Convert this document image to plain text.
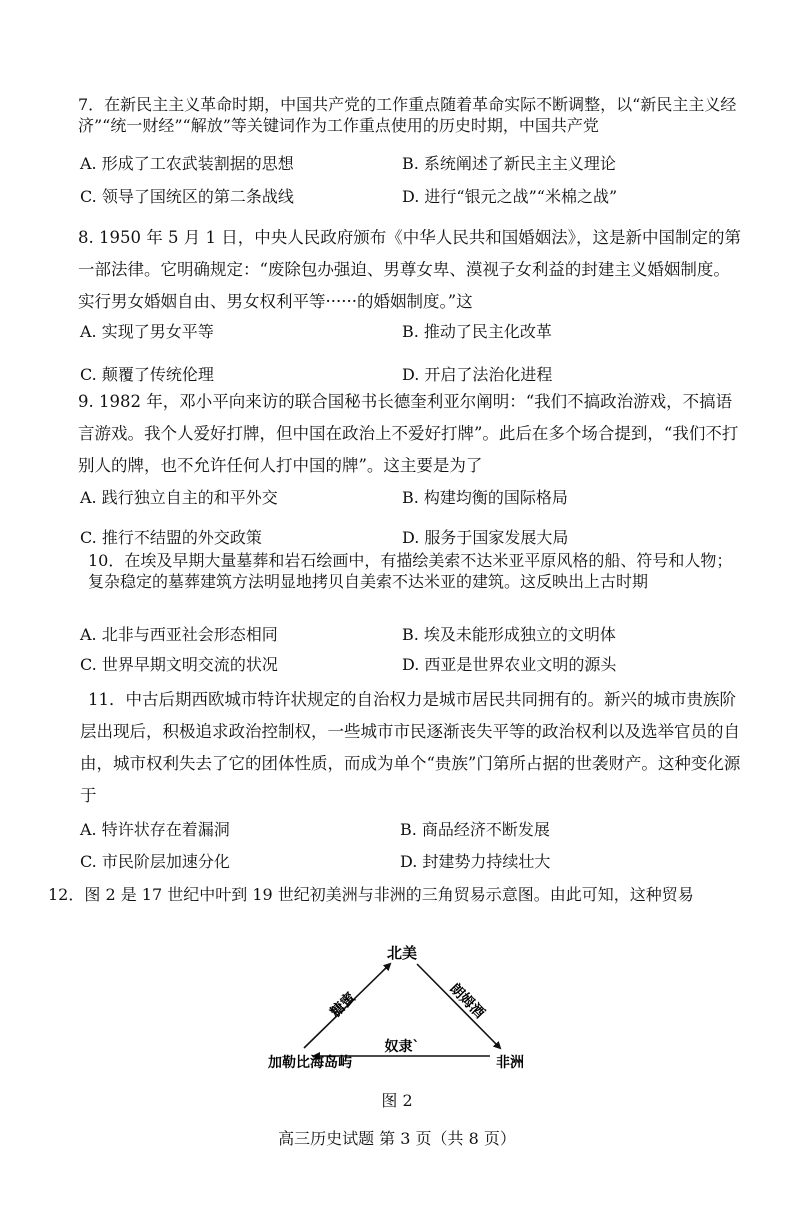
7．在新民主主义革命时期，中国共产党的工作重点随着革命实际不断调整，以“新民主主义经济”“统一财经”“解放”等关键词作为工作重点使用的历史时期，中国共产党

A. 形成了工农武装割据的思想	B. 系统阐述了新民主主义理论
C. 领导了国统区的第二条战线	D. 进行“银元之战”“米棉之战”

8. 1950 年 5 月 1 日，中央人民政府颁布《中华人民共和国婚姻法》，这是新中国制定的第一部法律。它明确规定：“废除包办强迫、男尊女卑、漠视子女利益的封建主义婚姻制度。实行男女婚姻自由、男女权利平等······的婚姻制度。”这

A. 实现了男女平等	B. 推动了民主化改革
C. 颠覆了传统伦理	D. 开启了法治化进程

9. 1982 年，邓小平向来访的联合国秘书长德奎利亚尔阐明：“我们不搞政治游戏，不搞语言游戏。我个人爱好打牌，但中国在政治上不爱好打牌”。此后在多个场合提到，“我们不打别人的牌，也不允许任何人打中国的牌”。这主要是为了

A. 践行独立自主的和平外交	B. 构建均衡的国际格局
C. 推行不结盟的外交政策	D. 服务于国家发展大局

10．在埃及早期大量墓葬和岩石绘画中，有描绘美索不达米亚平原风格的船、符号和人物；复杂稳定的墓葬建筑方法明显地拷贝自美索不达米亚的建筑。这反映出上古时期

A. 北非与西亚社会形态相同	B. 埃及未能形成独立的文明体
C. 世界早期文明交流的状况	D. 西亚是世界农业文明的源头

11．中古后期西欧城市特许状规定的自治权力是城市居民共同拥有的。新兴的城市贵族阶层出现后，积极追求政治控制权，一些城市市民逐渐丧失平等的政治权利以及选举官员的自由，城市权利失去了它的团体性质，而成为单个“贵族”门第所占据的世袭财产。这种变化源于

A. 特许状存在着漏洞	B. 商品经济不断发展
C. 市民阶层加速分化	D. 封建势力持续壮大

12．图 2 是 17 世纪中叶到 19 世纪初美洲与非洲的三角贸易示意图。由此可知，这种贸易

北美
加勒比海岛屿	非洲
糖蜜	朗姆酒
奴隶`
图 2
高三历史试题 第 3 页（共 8 页）
